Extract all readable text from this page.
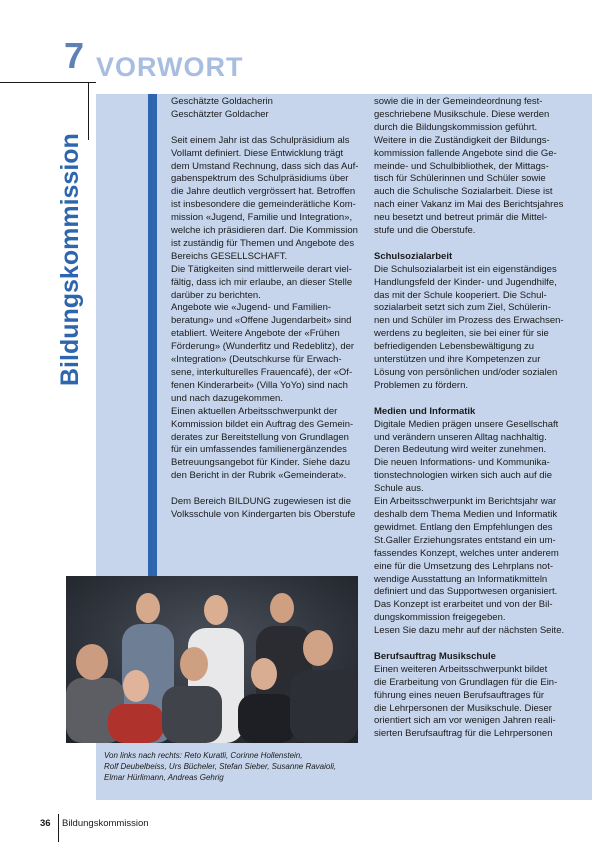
7 VORWORT
Bildungskommission

Geschätzte Goldacherin

Geschätzter Goldacher

Seit einem Jahr ist das Schulpräsidium als

Vollamt definiert. Diese Entwicklung trägt

dem Umstand Rechnung, dass sich das Auf-

gabenspektrum des Schulpräsidiums über

die Jahre deutlich vergrössert hat. Betroffen

ist insbesondere die gemeinderätliche Kom-

mission «Jugend, Familie und Integration»,

welche ich präsidieren darf. Die Kommission

ist zuständig für Themen und Angebote des

Bereichs GESELLSCHAFT.

Die Tätigkeiten sind mittlerweile derart viel-

fältig, dass ich mir erlaube, an dieser Stelle

darüber zu berichten.

Angebote wie «Jugend- und Familien-

beratung» und «Offene Jugendarbeit» sind

etabliert. Weitere Angebote der «Frühen

Förderung» (Wunderfitz und Redeblitz), der

«Integration» (Deutschkurse für Erwach-

sene, interkulturelles Frauencafé), der «Of-

fenen Kinderarbeit» (Villa YoYo) sind nach

und nach dazugekommen.

Einen aktuellen Arbeitsschwerpunkt der

Kommission bildet ein Auftrag des Gemein-

derates zur Bereitstellung von Grundlagen

für ein umfassendes familienergänzendes

Betreuungsangebot für Kinder. Siehe dazu

den Bericht in der Rubrik «Gemeinderat».

Dem Bereich BILDUNG zugewiesen ist die

Volksschule von Kindergarten bis Oberstufe

sowie die in der Gemeindeordnung fest-

geschriebene Musikschule. Diese werden

durch die Bildungskommission geführt.

Weitere in die Zuständigkeit der Bildungs-

kommission fallende Angebote sind die Ge-

meinde- und Schulbibliothek, der Mittags-

tisch für Schülerinnen und Schüler sowie

auch die Schulische Sozialarbeit. Diese ist

nach einer Vakanz im Mai des Berichtsjahres

neu besetzt und betreut primär die Mittel-

stufe und die Oberstufe.

Schulsozialarbeit

Die Schulsozialarbeit ist ein eigenständiges

Handlungsfeld der Kinder- und Jugendhilfe,

das mit der Schule kooperiert. Die Schul-

sozialarbeit setzt sich zum Ziel, Schülerin-

nen und Schüler im Prozess des Erwachsen-

werdens zu begleiten, sie bei einer für sie

befriedigenden Lebensbewältigung zu

unterstützen und ihre Kompetenzen zur

Lösung von persönlichen und/oder sozialen

Problemen zu fördern.

Medien und Informatik

Digitale Medien prägen unsere Gesellschaft

und verändern unseren Alltag nachhaltig.

Deren Bedeutung wird weiter zunehmen.

Die neuen Informations- und Kommunika-

tionstechnologien wirken sich auch auf die

Schule aus.

Ein Arbeitsschwerpunkt im Berichtsjahr war

deshalb dem Thema Medien und Informatik

gewidmet. Entlang den Empfehlungen des

St.Galler Erziehungsrates entstand ein um-

fassendes Konzept, welches unter anderem

eine für die Umsetzung des Lehrplans not-

wendige Ausstattung an Informatikmitteln

definiert und das Supportwesen organisiert.

Das Konzept ist erarbeitet und von der Bil-

dungskommission freigegeben.

Lesen Sie dazu mehr auf der nächsten Seite.

Berufsauftrag Musikschule

Einen weiteren Arbeitsschwerpunkt bildet

die Erarbeitung von Grundlagen für die Ein-

führung eines neuen Berufsauftrages für

die Lehrpersonen der Musikschule. Dieser

orientiert sich am vor wenigen Jahren reali-

sierten Berufsauftrag für die Lehrpersonen

Von links nach rechts: Reto Kuratli, Corinne Hollenstein,
Rolf Deubelbeiss, Urs Bücheler, Stefan Sieber, Susanne Ravaioli,
Elmar Hürlimann, Andreas Gehrig
36 Bildungskommission
